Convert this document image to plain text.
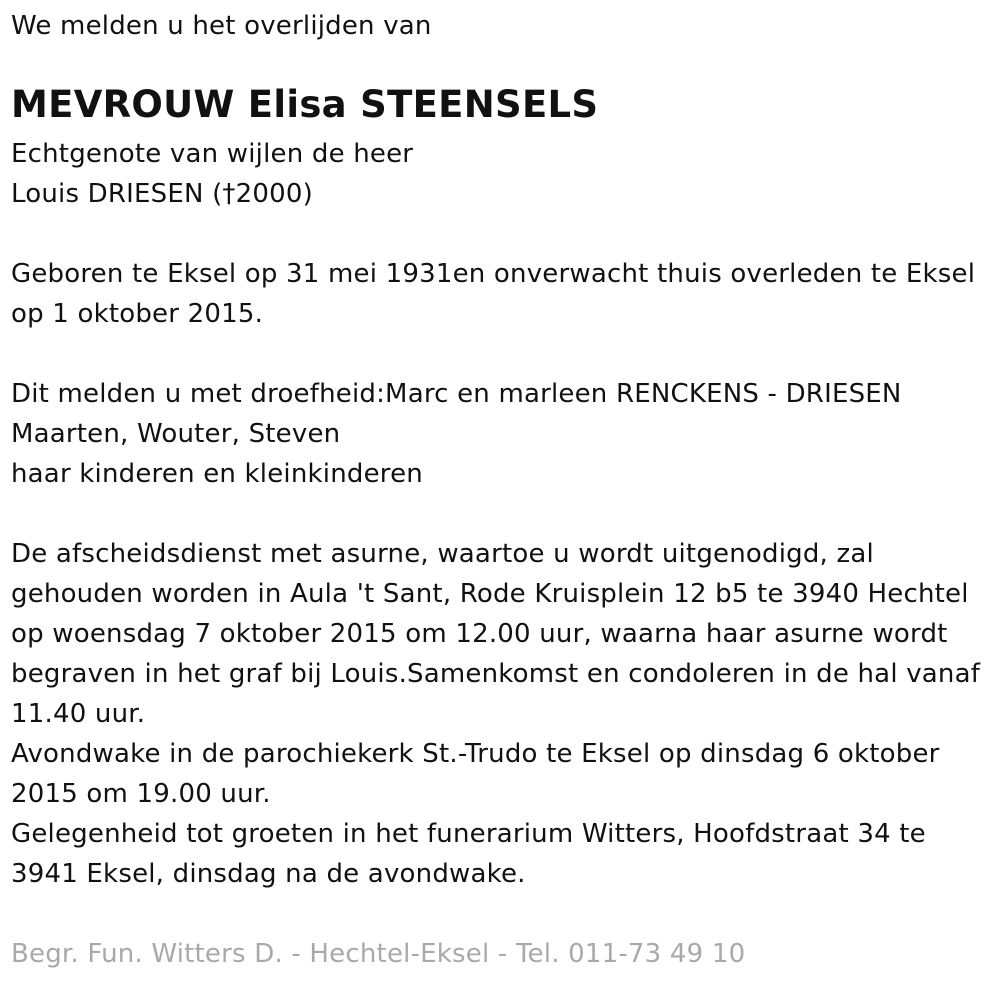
We melden u het overlijden van
MEVROUW Elisa STEENSELS
Echtgenote van wijlen de heer
Louis DRIESEN (†2000)
Geboren te Eksel op 31 mei 1931en onverwacht thuis overleden te Eksel
op 1 oktober 2015.
Dit melden u met droefheid:Marc en marleen RENCKENS - DRIESEN
Maarten, Wouter, Steven
haar kinderen en kleinkinderen
De afscheidsdienst met asurne, waartoe u wordt uitgenodigd, zal
gehouden worden in Aula 't Sant, Rode Kruisplein 12 b5 te 3940 Hechtel
op woensdag 7 oktober 2015 om 12.00 uur, waarna haar asurne wordt
begraven in het graf bij Louis.Samenkomst en condoleren in de hal vanaf
11.40 uur.
Avondwake in de parochiekerk St.-Trudo te Eksel op dinsdag 6 oktober
2015 om 19.00 uur.
Gelegenheid tot groeten in het funerarium Witters, Hoofdstraat 34 te
3941 Eksel, dinsdag na de avondwake.
Begr. Fun. Witters D. - Hechtel-Eksel - Tel. 011-73 49 10
